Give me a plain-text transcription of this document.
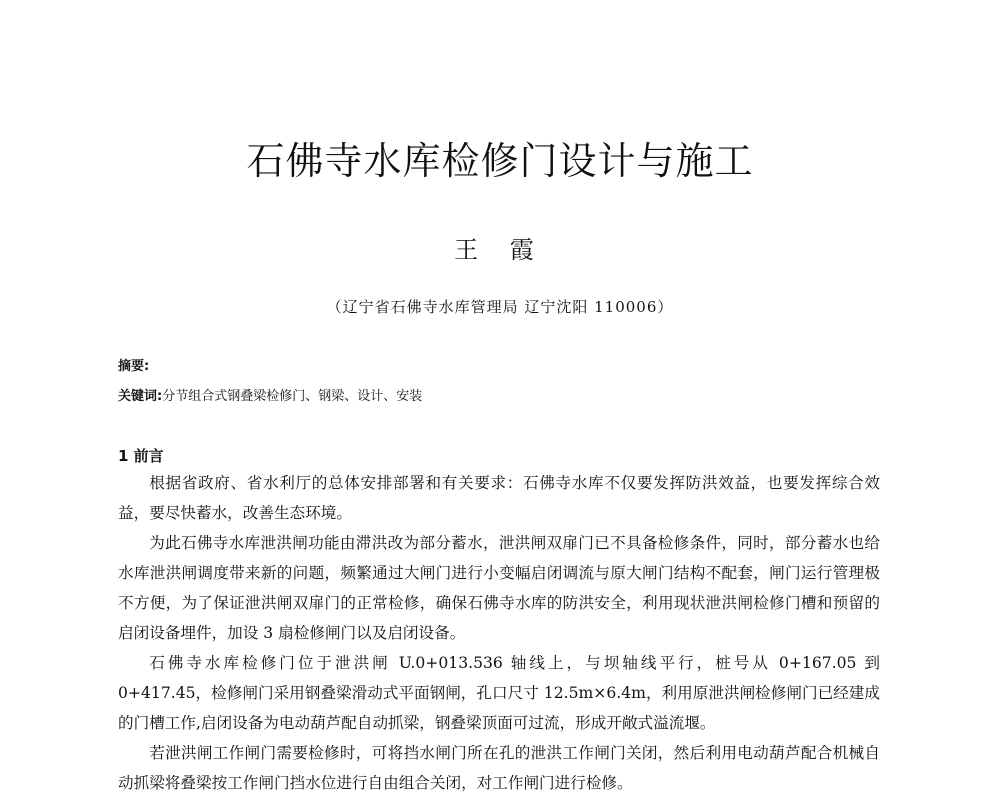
石佛寺水库检修门设计与施工
王 霞
（辽宁省石佛寺水库管理局 辽宁沈阳 110006）
摘要:
关键词:分节组合式钢叠梁检修门、钢梁、设计、安装
1 前言

根据省政府、省水利厅的总体安排部署和有关要求：石佛寺水库不仅要发挥防洪效益，也要发挥综合效益，要尽快蓄水，改善生态环境。

为此石佛寺水库泄洪闸功能由滞洪改为部分蓄水，泄洪闸双扉门已不具备检修条件，同时，部分蓄水也给水库泄洪闸调度带来新的问题，频繁通过大闸门进行小变幅启闭调流与原大闸门结构不配套，闸门运行管理极不方便，为了保证泄洪闸双扉门的正常检修，确保石佛寺水库的防洪安全，利用现状泄洪闸检修门槽和预留的启闭设备埋件，加设 3 扇检修闸门以及启闭设备。

石佛寺水库检修门位于泄洪闸 U.0+013.536 轴线上，与坝轴线平行，桩号从 0+167.05 到 0+417.45，检修闸门采用钢叠梁滑动式平面钢闸，孔口尺寸 12.5m×6.4m，利用原泄洪闸检修闸门已经建成的门槽工作,启闭设备为电动葫芦配自动抓梁，钢叠梁顶面可过流，形成开敞式溢流堰。

若泄洪闸工作闸门需要检修时，可将挡水闸门所在孔的泄洪工作闸门关闭，然后利用电动葫芦配合机械自动抓梁将叠梁按工作闸门挡水位进行自由组合关闭，对工作闸门进行检修。
